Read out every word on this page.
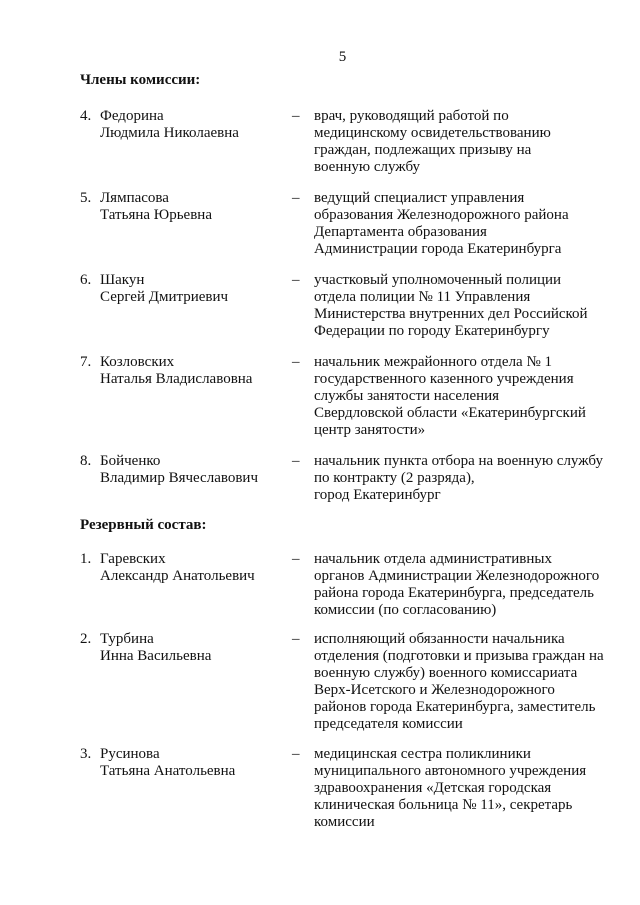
5
Члены комиссии:
4. Федорина
Людмила Николаевна
– врач, руководящий работой по
медицинскому освидетельствованию
граждан, подлежащих призыву на
военную службу
5. Лямпасова
Татьяна Юрьевна
– ведущий специалист управления
образования Железнодорожного района
Департамента образования
Администрации города Екатеринбурга
6. Шакун
Сергей Дмитриевич
– участковый уполномоченный полиции
отдела полиции № 11 Управления
Министерства внутренних дел Российской
Федерации по городу Екатеринбургу
7. Козловских
Наталья Владиславовна
– начальник межрайонного отдела № 1
государственного казенного учреждения
службы занятости населения
Свердловской области «Екатеринбургский
центр занятости»
8. Бойченко
Владимир Вячеславович
– начальник пункта отбора на военную службу
по контракту (2 разряда),
город Екатеринбург
Резервный состав:
1. Гаревских
Александр Анатольевич
– начальник отдела административных
органов Администрации Железнодорожного
района города Екатеринбурга, председатель
комиссии (по согласованию)
2. Турбина
Инна Васильевна
– исполняющий обязанности начальника
отделения (подготовки и призыва граждан на
военную службу) военного комиссариата
Верх-Исетского и Железнодорожного
районов города Екатеринбурга, заместитель
председателя комиссии
3. Русинова
Татьяна Анатольевна
– медицинская сестра поликлиники
муниципального автономного учреждения
здравоохранения «Детская городская
клиническая больница № 11», секретарь
комиссии
